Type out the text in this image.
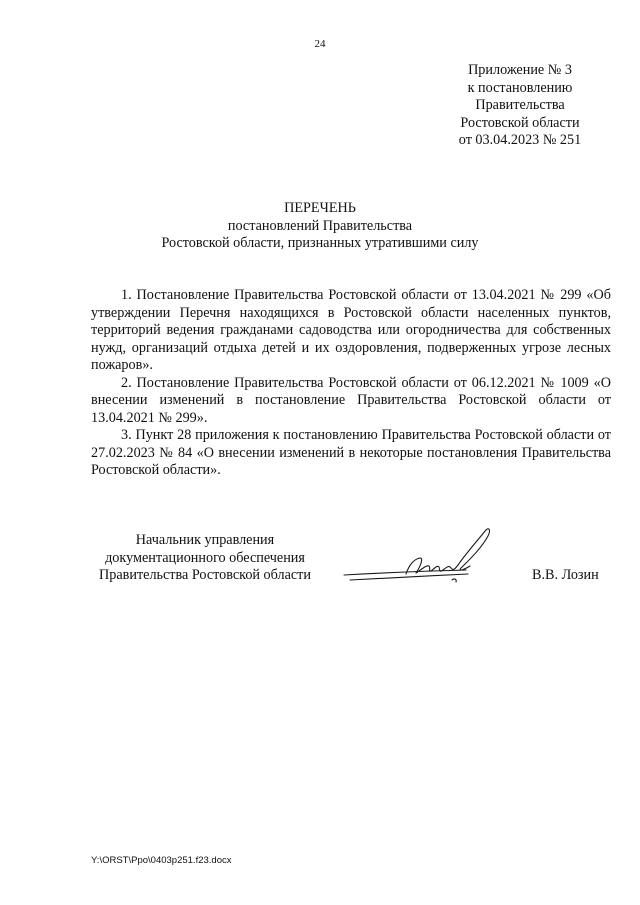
24
Приложение № 3
к постановлению
Правительства
Ростовской области
от 03.04.2023 № 251
ПЕРЕЧЕНЬ
постановлений Правительства
Ростовской области, признанных утратившими силу

1. Постановление Правительства Ростовской области от 13.04.2021 № 299 «Об утверждении Перечня находящихся в Ростовской области населенных пунктов, территорий ведения гражданами садоводства или огородничества для собственных нужд, организаций отдыха детей и их оздоровления, подверженных угрозе лесных пожаров».

2. Постановление Правительства Ростовской области от 06.12.2021 № 1009 «О внесении изменений в постановление Правительства Ростовской области от 13.04.2021 № 299».

3. Пункт 28 приложения к постановлению Правительства Ростовской области от 27.02.2023 № 84 «О внесении изменений в некоторые постановления Правительства Ростовской области».

Начальник управления
документационного обеспечения
Правительства Ростовской области	В.В. Лозин
Y:\ORST\Ppo\0403p251.f23.docx
